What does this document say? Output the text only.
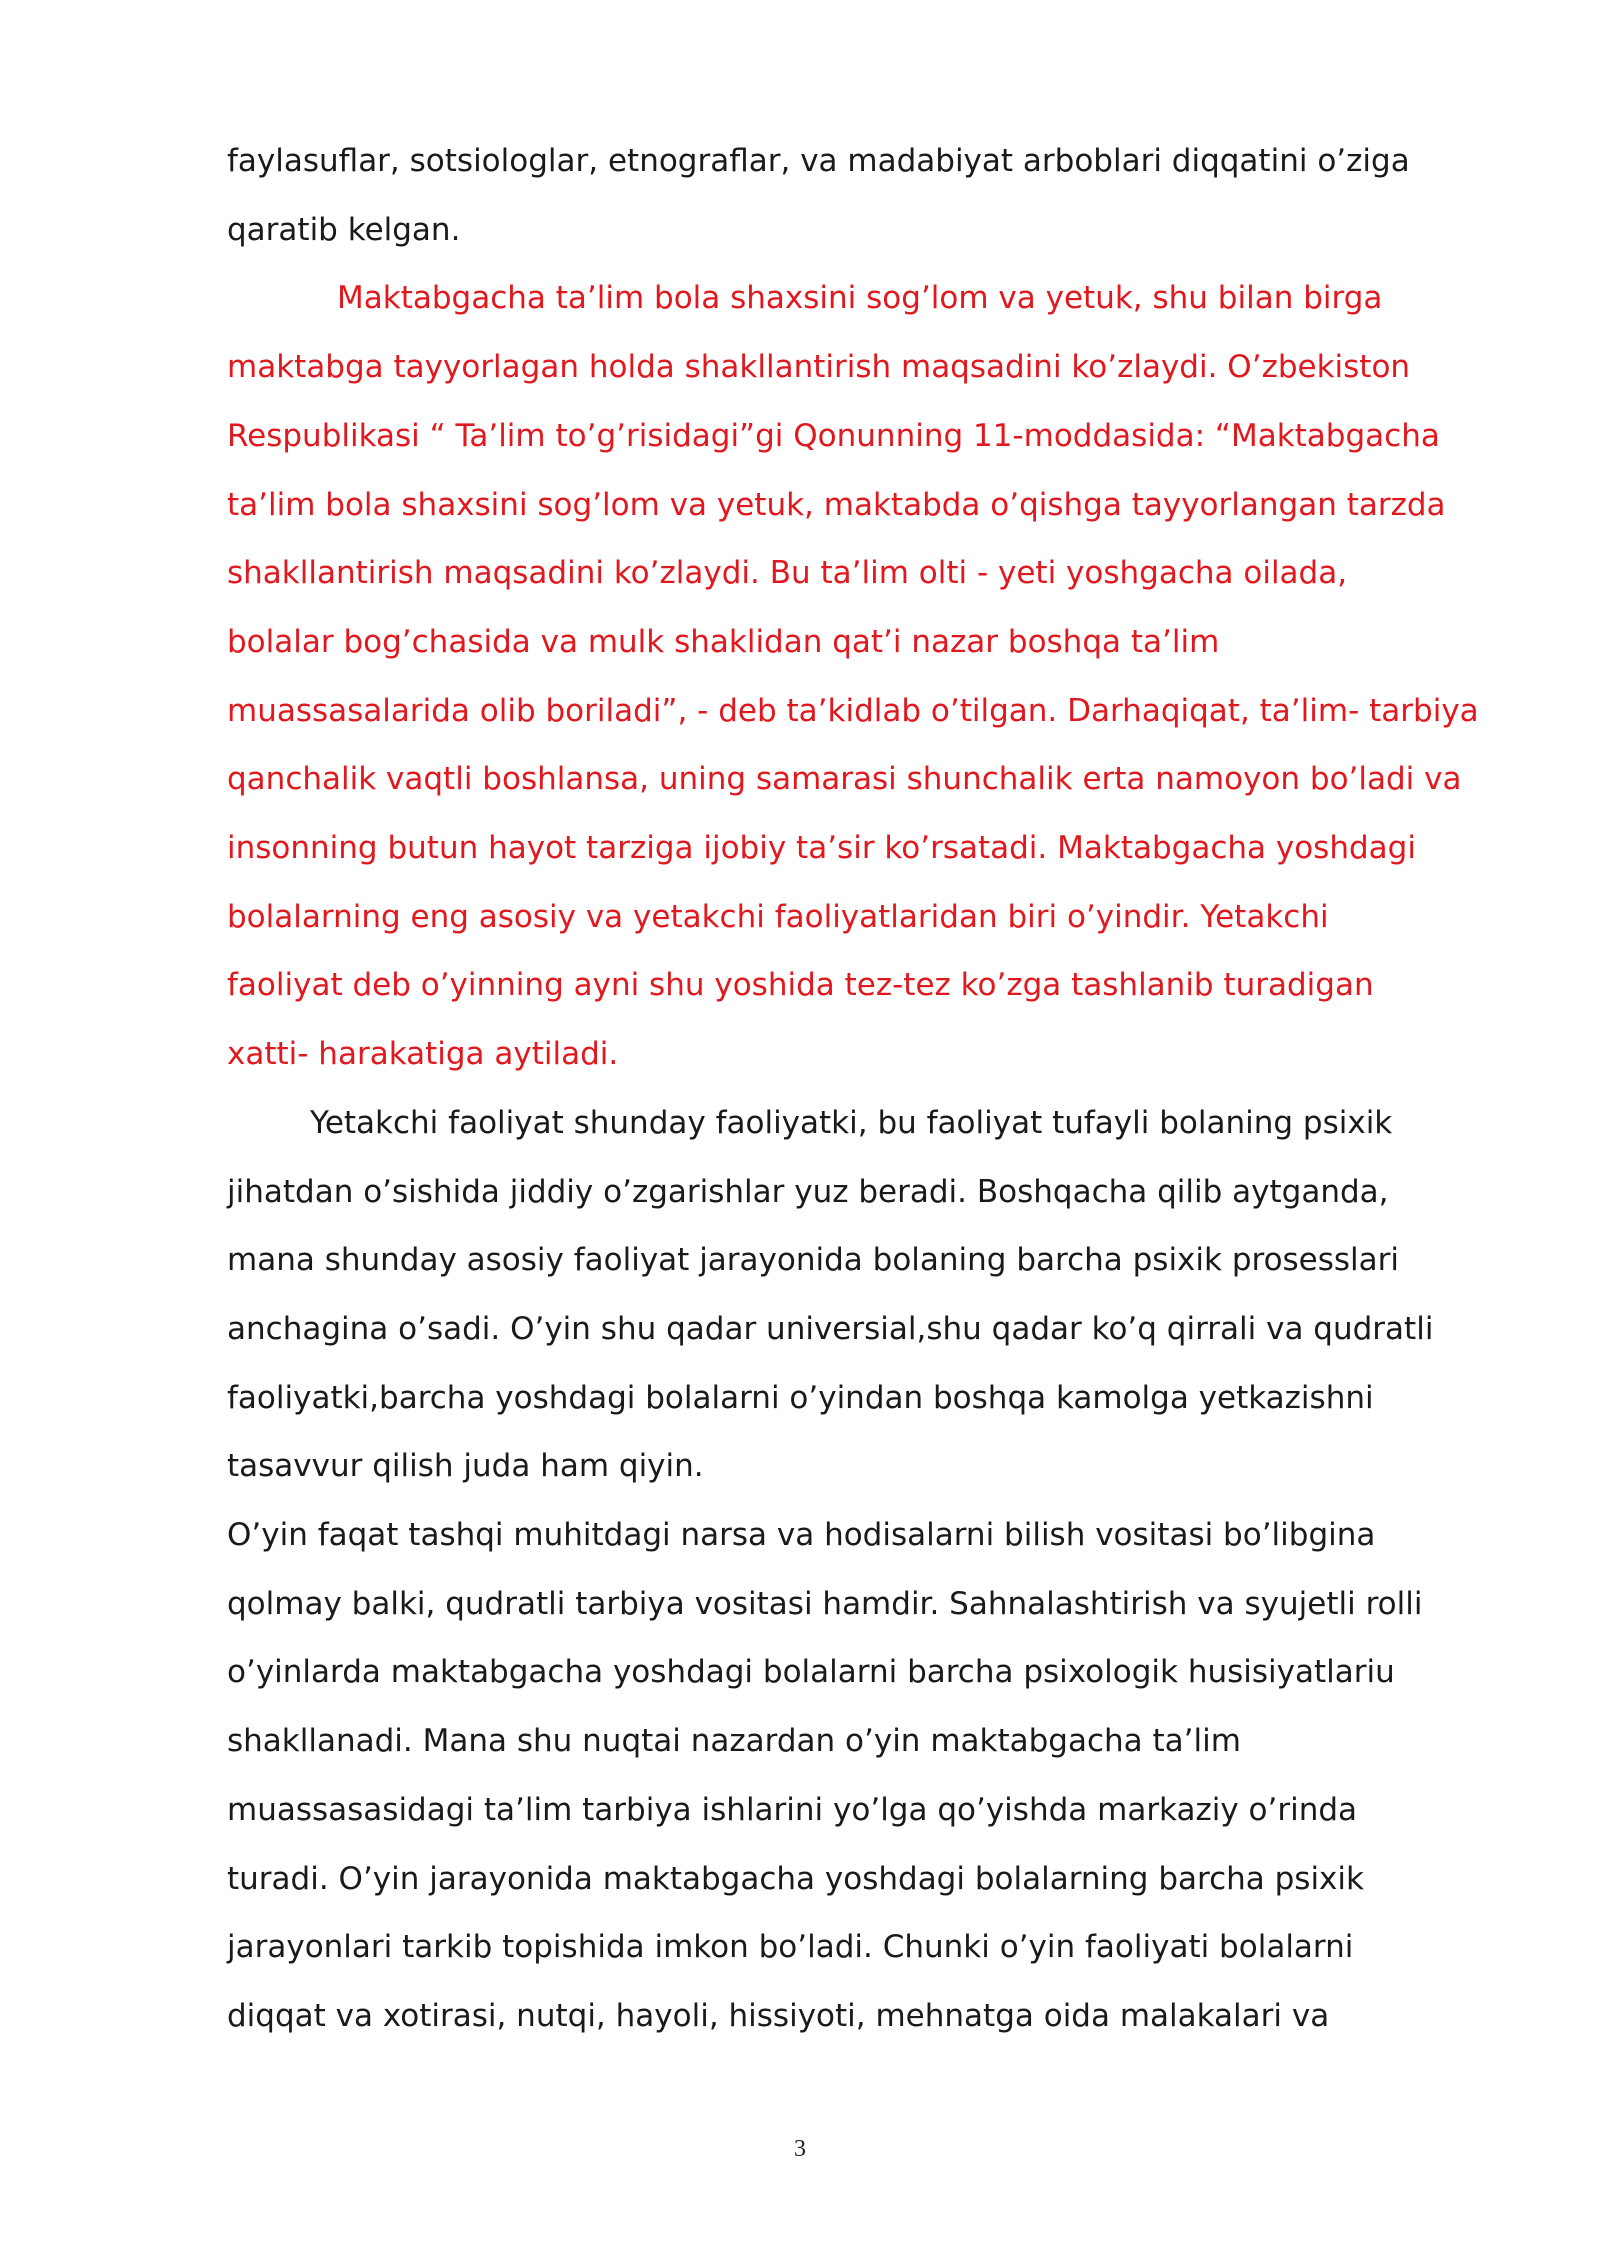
faylasuflar, sotsiologlar, etnograflar, va madabiyat arboblari diqqatini o’ziga
qaratib kelgan.
Maktabgacha ta’lim bola shaxsini sog’lom va yetuk, shu bilan birga
maktabga tayyorlagan holda shakllantirish maqsadini ko’zlaydi. O’zbekiston
Respublikasi “ Ta’lim to’g’risidagi”gi Qonunning 11-moddasida: “Maktabgacha
ta’lim bola shaxsini sog’lom va yetuk, maktabda o’qishga tayyorlangan tarzda
shakllantirish maqsadini ko’zlaydi. Bu ta’lim olti - yeti yoshgacha oilada,
bolalar bog’chasida va mulk shaklidan qat’i nazar boshqa ta’lim
muassasalarida olib boriladi”, - deb ta’kidlab o’tilgan. Darhaqiqat, ta’lim- tarbiya
qanchalik vaqtli boshlansa, uning samarasi shunchalik erta namoyon bo’ladi va
insonning butun hayot tarziga ijobiy ta’sir ko’rsatadi. Maktabgacha yoshdagi
bolalarning eng asosiy va yetakchi faoliyatlaridan biri o’yindir. Yetakchi
faoliyat deb o’yinning ayni shu yoshida tez-tez ko’zga tashlanib turadigan
xatti- harakatiga aytiladi.
Yetakchi faoliyat shunday faoliyatki, bu faoliyat tufayli bolaning psixik
jihatdan o’sishida jiddiy o’zgarishlar yuz beradi. Boshqacha qilib aytganda,
mana shunday asosiy faoliyat jarayonida bolaning barcha psixik prosesslari
anchagina o’sadi. O’yin shu qadar universial,shu qadar ko’q qirrali va qudratli
faoliyatki,barcha yoshdagi bolalarni o’yindan boshqa kamolga yetkazishni
tasavvur qilish juda ham qiyin.
O’yin faqat tashqi muhitdagi narsa va hodisalarni bilish vositasi bo’libgina
qolmay balki, qudratli tarbiya vositasi hamdir. Sahnalashtirish va syujetli rolli
o’yinlarda maktabgacha yoshdagi bolalarni barcha psixologik husisiyatlariu
shakllanadi. Mana shu nuqtai nazardan o’yin maktabgacha ta’lim
muassasasidagi ta’lim tarbiya ishlarini yo’lga qo’yishda markaziy o’rinda
turadi. O’yin jarayonida maktabgacha yoshdagi bolalarning barcha psixik
jarayonlari tarkib topishida imkon bo’ladi. Chunki o’yin faoliyati bolalarni
diqqat va xotirasi, nutqi, hayoli, hissiyoti, mehnatga oida malakalari va
3
